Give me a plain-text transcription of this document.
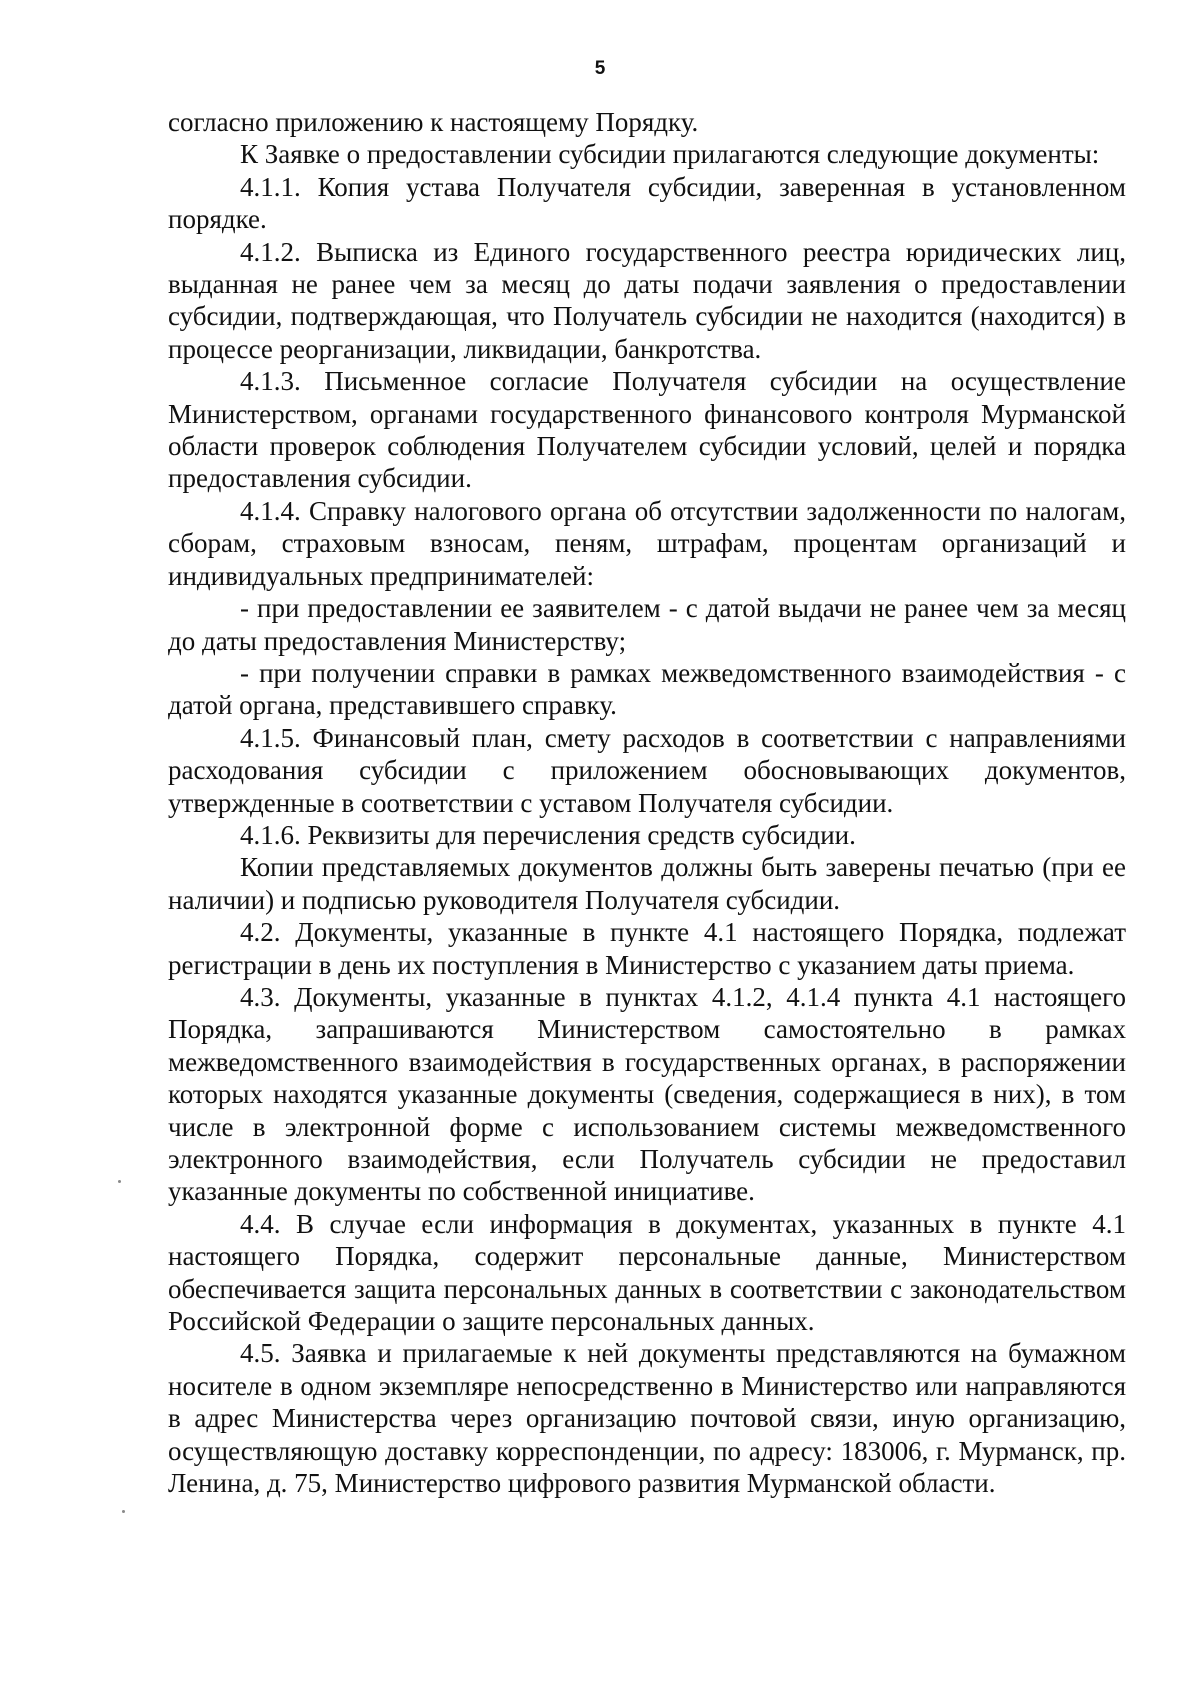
5

согласно приложению к настоящему Порядку.

К Заявке о предоставлении субсидии прилагаются следующие документы:

4.1.1. Копия устава Получателя субсидии, заверенная в установленном порядке.

4.1.2. Выписка из Единого государственного реестра юридических лиц, выданная не ранее чем за месяц до даты подачи заявления о предоставлении субсидии, подтверждающая, что Получатель субсидии не находится (находится) в процессе реорганизации, ликвидации, банкротства.

4.1.3. Письменное согласие Получателя субсидии на осуществление Министерством, органами государственного финансового контроля Мурманской области проверок соблюдения Получателем субсидии условий, целей и порядка предоставления субсидии.

4.1.4. Справку налогового органа об отсутствии задолженности по налогам, сборам, страховым взносам, пеням, штрафам, процентам организаций и индивидуальных предпринимателей:

- при предоставлении ее заявителем - с датой выдачи не ранее чем за месяц до даты предоставления Министерству;

- при получении справки в рамках межведомственного взаимодействия - с датой органа, представившего справку.

4.1.5. Финансовый план, смету расходов в соответствии с направлениями расходования субсидии с приложением обосновывающих документов, утвержденные в соответствии с уставом Получателя субсидии.

4.1.6. Реквизиты для перечисления средств субсидии.

Копии представляемых документов должны быть заверены печатью (при ее наличии) и подписью руководителя Получателя субсидии.

4.2. Документы, указанные в пункте 4.1 настоящего Порядка, подлежат регистрации в день их поступления в Министерство с указанием даты приема.

4.3. Документы, указанные в пунктах 4.1.2, 4.1.4 пункта 4.1 настоящего Порядка, запрашиваются Министерством самостоятельно в рамках межведомственного взаимодействия в государственных органах, в распоряжении которых находятся указанные документы (сведения, содержащиеся в них), в том числе в электронной форме с использованием системы межведомственного электронного взаимодействия, если Получатель субсидии не предоставил указанные документы по собственной инициативе.

4.4. В случае если информация в документах, указанных в пункте 4.1 настоящего Порядка, содержит персональные данные, Министерством обеспечивается защита персональных данных в соответствии с законодательством Российской Федерации о защите персональных данных.

4.5. Заявка и прилагаемые к ней документы представляются на бумажном носителе в одном экземпляре непосредственно в Министерство или направляются в адрес Министерства через организацию почтовой связи, иную организацию, осуществляющую доставку корреспонденции, по адресу: 183006, г. Мурманск, пр. Ленина, д. 75, Министерство цифрового развития Мурманской области.
